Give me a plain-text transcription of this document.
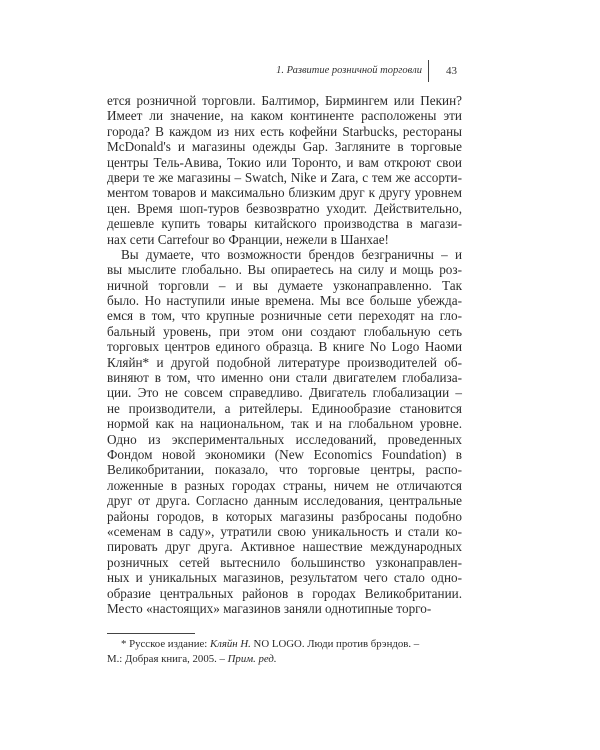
1. Развитие розничной торговли 43
ется розничной торговли. Балтимор, Бирмингем или Пекин?
Имеет ли значение, на каком континенте расположены эти
города? В каждом из них есть кофейни Starbucks, рестораны
McDonald's и магазины одежды Gap. Загляните в торговые
центры Тель-Авива, Токио или Торонто, и вам откроют свои
двери те же магазины – Swatch, Nike и Zara, с тем же ассорти-
ментом товаров и максимально близким друг к другу уровнем
цен. Время шоп-туров безвозвратно уходит. Действительно,
дешевле купить товары китайского производства в магази-
нах сети Carrefour во Франции, нежели в Шанхае!
Вы думаете, что возможности брендов безграничны – и
вы мыслите глобально. Вы опираетесь на силу и мощь роз-
ничной торговли – и вы думаете узконаправленно. Так
было. Но наступили иные времена. Мы все больше убежда-
емся в том, что крупные розничные сети переходят на гло-
бальный уровень, при этом они создают глобальную сеть
торговых центров единого образца. В книге No Logo Наоми
Кляйн* и другой подобной литературе производителей об-
виняют в том, что именно они стали двигателем глобализа-
ции. Это не совсем справедливо. Двигатель глобализации –
не производители, а ритейлеры. Единообразие становится
нормой как на национальном, так и на глобальном уровне.
Одно из экспериментальных исследований, проведенных
Фондом новой экономики (New Economics Foundation) в
Великобритании, показало, что торговые центры, распо-
ложенные в разных городах страны, ничем не отличаются
друг от друга. Согласно данным исследования, центральные
районы городов, в которых магазины разбросаны подобно
«семенам в саду», утратили свою уникальность и стали ко-
пировать друг друга. Активное нашествие международных
розничных сетей вытеснило большинство узконаправлен-
ных и уникальных магазинов, результатом чего стало одно-
образие центральных районов в городах Великобритании.
Место «настоящих» магазинов заняли однотипные торго-
* Русское издание: Кляйн Н. NO LOGO. Люди против брэндов. –
М.: Добрая книга, 2005. – Прим. ред.
